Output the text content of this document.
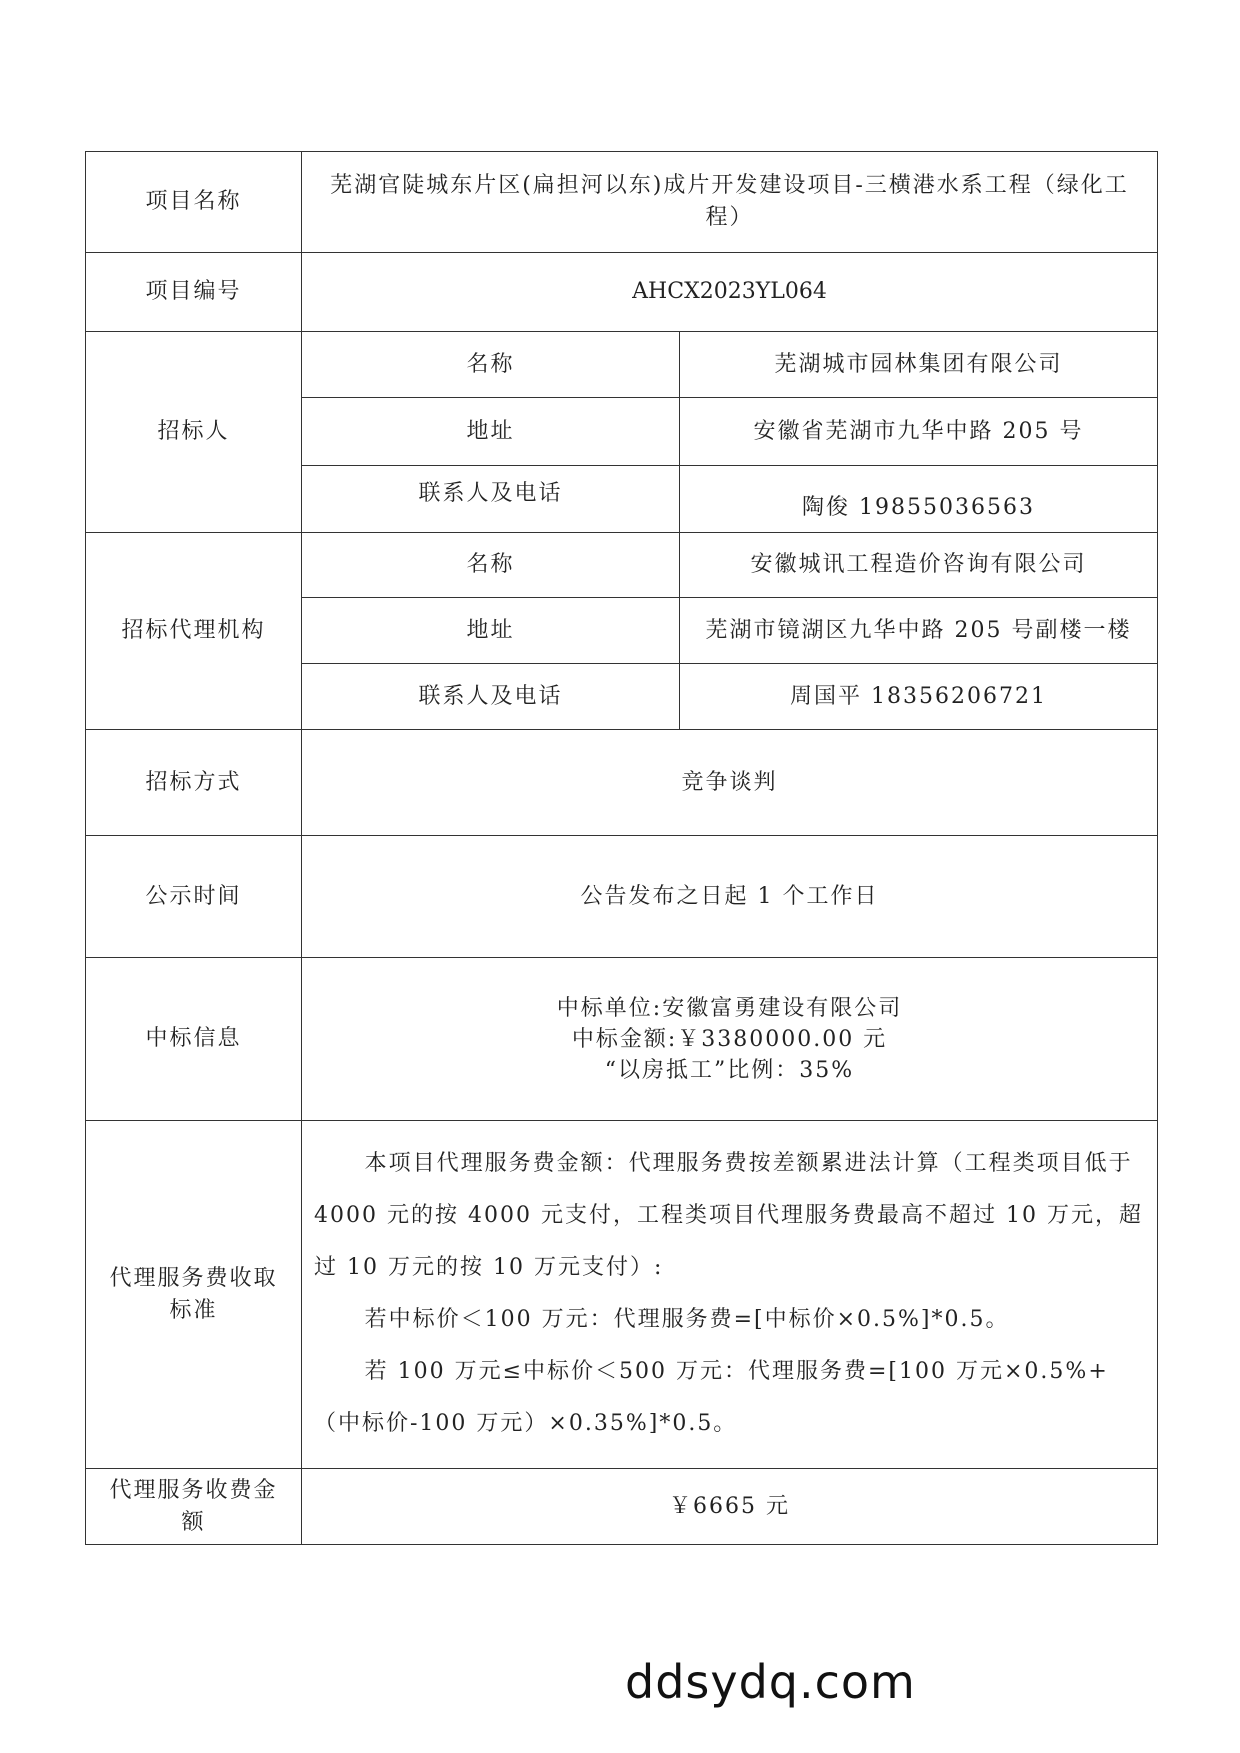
项目名称	芜湖官陡城东片区(扁担河以东)成片开发建设项目-三横港水系工程（绿化工程）	
项目编号	AHCX2023YL064	
招标人	名称	芜湖城市园林集团有限公司
	地址	安徽省芜湖市九华中路 205 号
	联系人及电话	陶俊 19855036563
招标代理机构	名称	安徽城讯工程造价咨询有限公司
	地址	芜湖市镜湖区九华中路 205 号副楼一楼
	联系人及电话	周国平 18356206721
招标方式	竞争谈判	
公示时间	公告发布之日起 1 个工作日	
中标信息	中标单位:安徽富勇建设有限公司
中标金额:￥3380000.00 元
“以房抵工”比例：35%	

代理服务费收取标准	本项目代理服务费金额：代理服务费按差额累进法计算（工程类项目低于 4000 元的按 4000 元支付，工程类项目代理服务费最高不超过 10 万元，超过 10 万元的按 10 万元支付）:

若中标价＜100 万元：代理服务费=[中标价×0.5%]*0.5。

若 100 万元≤中标价＜500 万元：代理服务费=[100 万元×0.5%+（中标价-100 万元）×0.35%]*0.5。	

代理服务收费金额	￥6665 元	
ddsydq.com
